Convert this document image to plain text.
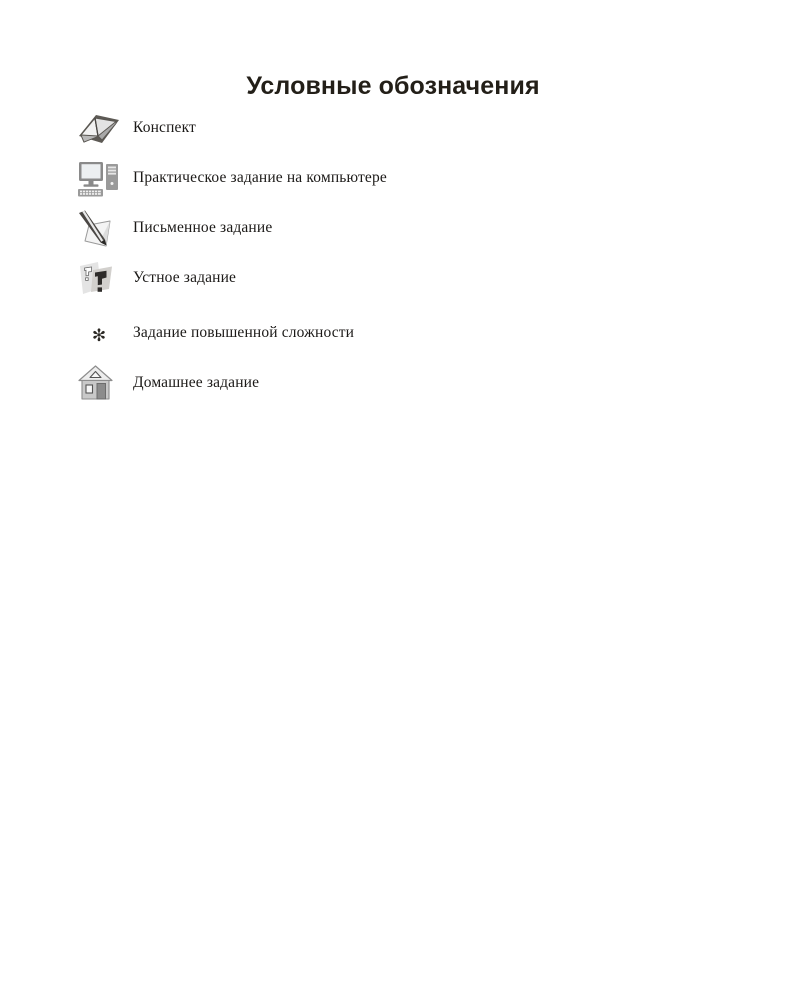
Условные обозначения
Конспект
Практическое задание на компьютере
Письменное задание
Устное задание
✻ Задание повышенной сложности
Домашнее задание
